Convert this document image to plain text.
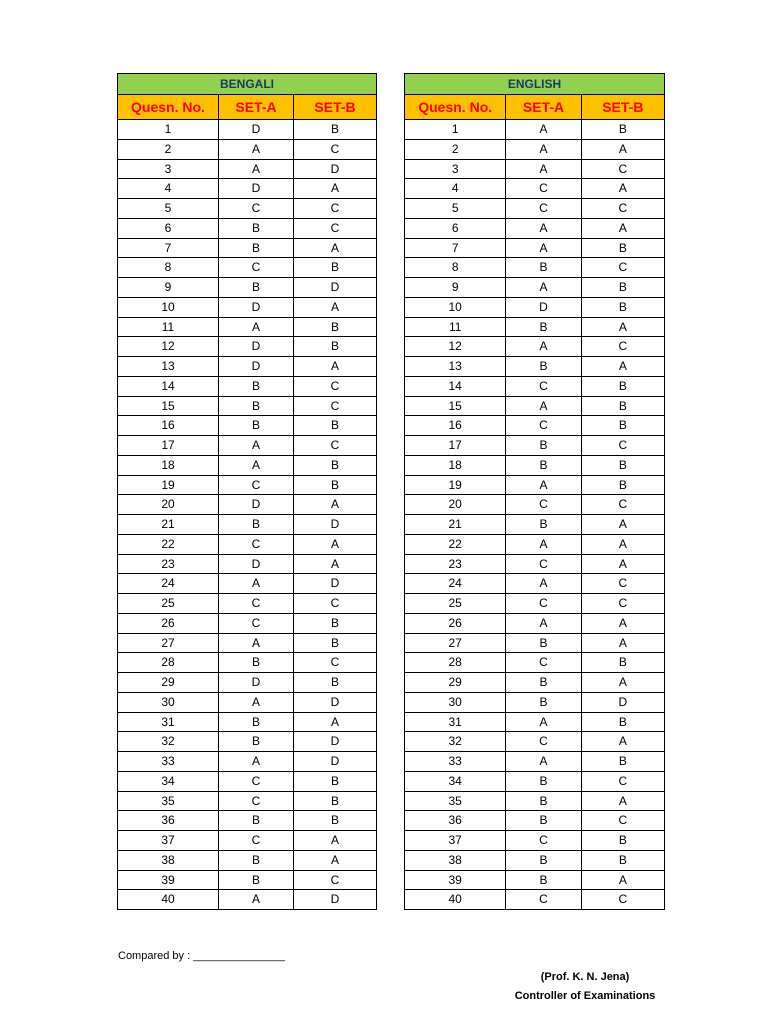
BENGALI		
Quesn. No.	SET-A	SET-B
1	D	B
2	A	C
3	A	D
4	D	A
5	C	C
6	B	C
7	B	A
8	C	B
9	B	D
10	D	A
11	A	B
12	D	B
13	D	A
14	B	C
15	B	C
16	B	B
17	A	C
18	A	B
19	C	B
20	D	A
21	B	D
22	C	A
23	D	A
24	A	D
25	C	C
26	C	B
27	A	B
28	B	C
29	D	B
30	A	D
31	B	A
32	B	D
33	A	D
34	C	B
35	C	B
36	B	B
37	C	A
38	B	A
39	B	C
40	A	D
ENGLISH		
Quesn. No.	SET-A	SET-B
1	A	B
2	A	A
3	A	C
4	C	A
5	C	C
6	A	A
7	A	B
8	B	C
9	A	B
10	D	B
11	B	A
12	A	C
13	B	A
14	C	B
15	A	B
16	C	B
17	B	C
18	B	B
19	A	B
20	C	C
21	B	A
22	A	A
23	C	A
24	A	C
25	C	C
26	A	A
27	B	A
28	C	B
29	B	A
30	B	D
31	A	B
32	C	A
33	A	B
34	B	C
35	B	A
36	B	C
37	C	B
38	B	B
39	B	A
40	C	C
Compared by : _______________
(Prof. K. N. Jena)
Controller of Examinations
